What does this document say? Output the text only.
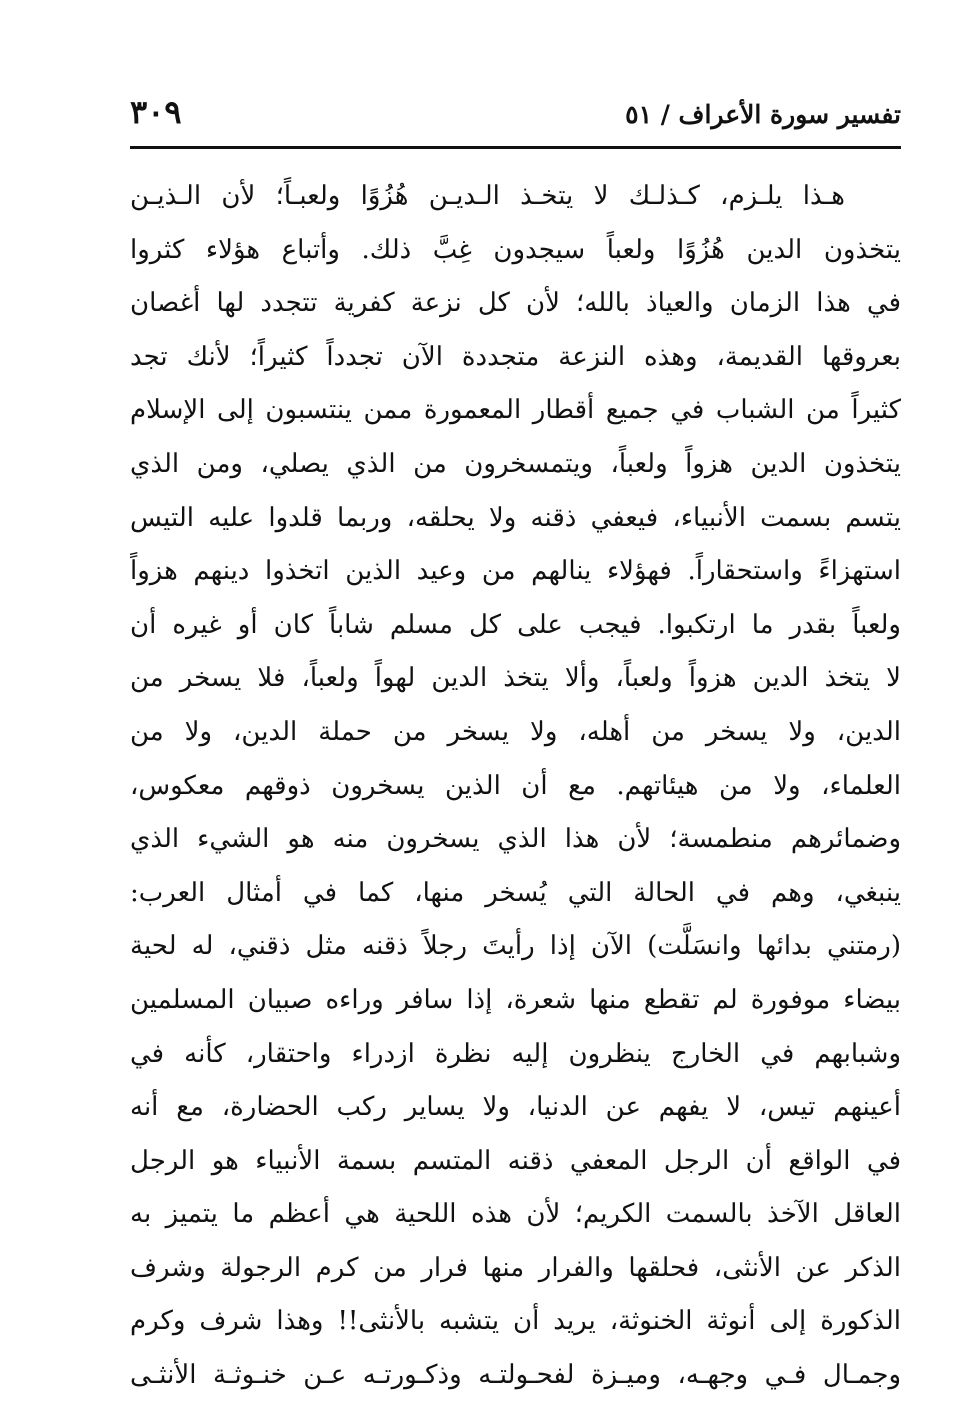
تفسير سورة الأعراف / ٥١
٣٠٩
هـذا يلـزم، كـذلـك لا يتخـذ الـديـن هُزُوًا ولعبـاً؛ لأن الـذيـن
يتخذون الدين هُزُوًا ولعباً سيجدون غِبَّ ذلك. وأتباع هؤلاء كثروا
في هذا الزمان والعياذ بالله؛ لأن كل نزعة كفرية تتجدد لها أغصان
بعروقها القديمة، وهذه النزعة متجددة الآن تجدداً كثيراً؛ لأنك تجد
كثيراً من الشباب في جميع أقطار المعمورة ممن ينتسبون إلى الإسلام
يتخذون الدين هزواً ولعباً، ويتمسخرون من الذي يصلي، ومن الذي
يتسم بسمت الأنبياء، فيعفي ذقنه ولا يحلقه، وربما قلدوا عليه التيس
استهزاءً واستحقاراً. فهؤلاء ينالهم من وعيد الذين اتخذوا دينهم هزواً
ولعباً بقدر ما ارتكبوا. فيجب على كل مسلم شاباً كان أو غيره أن
لا يتخذ الدين هزواً ولعباً، وألا يتخذ الدين لهواً ولعباً، فلا يسخر من
الدين، ولا يسخر من أهله، ولا يسخر من حملة الدين، ولا من
العلماء، ولا من هيئاتهم. مع أن الذين يسخرون ذوقهم معكوس،
وضمائرهم منطمسة؛ لأن هذا الذي يسخرون منه هو الشيء الذي
ينبغي، وهم في الحالة التي يُسخر منها، كما في أمثال العرب:
(رمتني بدائها وانسَلَّت) الآن إذا رأيتَ رجلاً ذقنه مثل ذقني، له لحية
بيضاء موفورة لم تقطع منها شعرة، إذا سافر وراءه صبيان المسلمين
وشبابهم في الخارج ينظرون إليه نظرة ازدراء واحتقار، كأنه في
أعينهم تيس، لا يفهم عن الدنيا، ولا يساير ركب الحضارة، مع أنه
في الواقع أن الرجل المعفي ذقنه المتسم بسمة الأنبياء هو الرجل
العاقل الآخذ بالسمت الكريم؛ لأن هذه اللحية هي أعظم ما يتميز به
الذكر عن الأنثى، فحلقها والفرار منها فرار من كرم الرجولة وشرف
الذكورة إلى أنوثة الخنوثة، يريد أن يتشبه بالأنثى!! وهذا شرف وكرم
وجمـال فـي وجهـه، وميـزة لفحـولتـه وذكـورتـه عـن خنـوثـة الأنثـى
